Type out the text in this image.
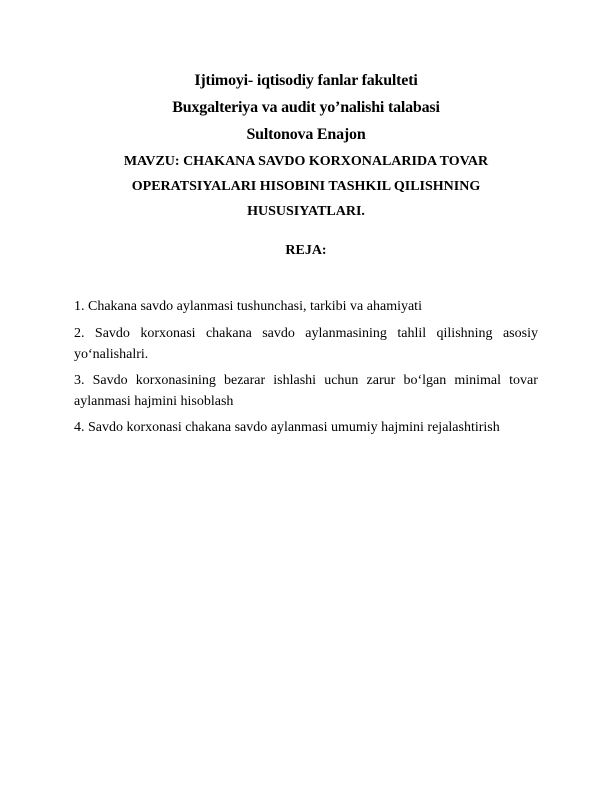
Ijtimoyi- iqtisodiy fanlar fakulteti
Buxgalteriya va audit yo’nalishi talabasi
Sultonova Enajon
MAVZU: CHAKANA SAVDO KORXONALARIDA TOVAR
OPERATSIYALARI HISOBINI TASHKIL QILISHNING
HUSUSIYATLARI.
REJA:
1. Chakana savdo aylanmasi tushunchasi, tarkibi va ahamiyati
2. Savdo korxonasi chakana savdo aylanmasining tahlil qilishning asosiy
yo‘nalishalri.
3. Savdo korxonasining bezarar ishlashi uchun zarur bo‘lgan minimal tovar
aylanmasi hajmini hisoblash
4. Savdo korxonasi chakana savdo aylanmasi umumiy hajmini rejalashtirish
